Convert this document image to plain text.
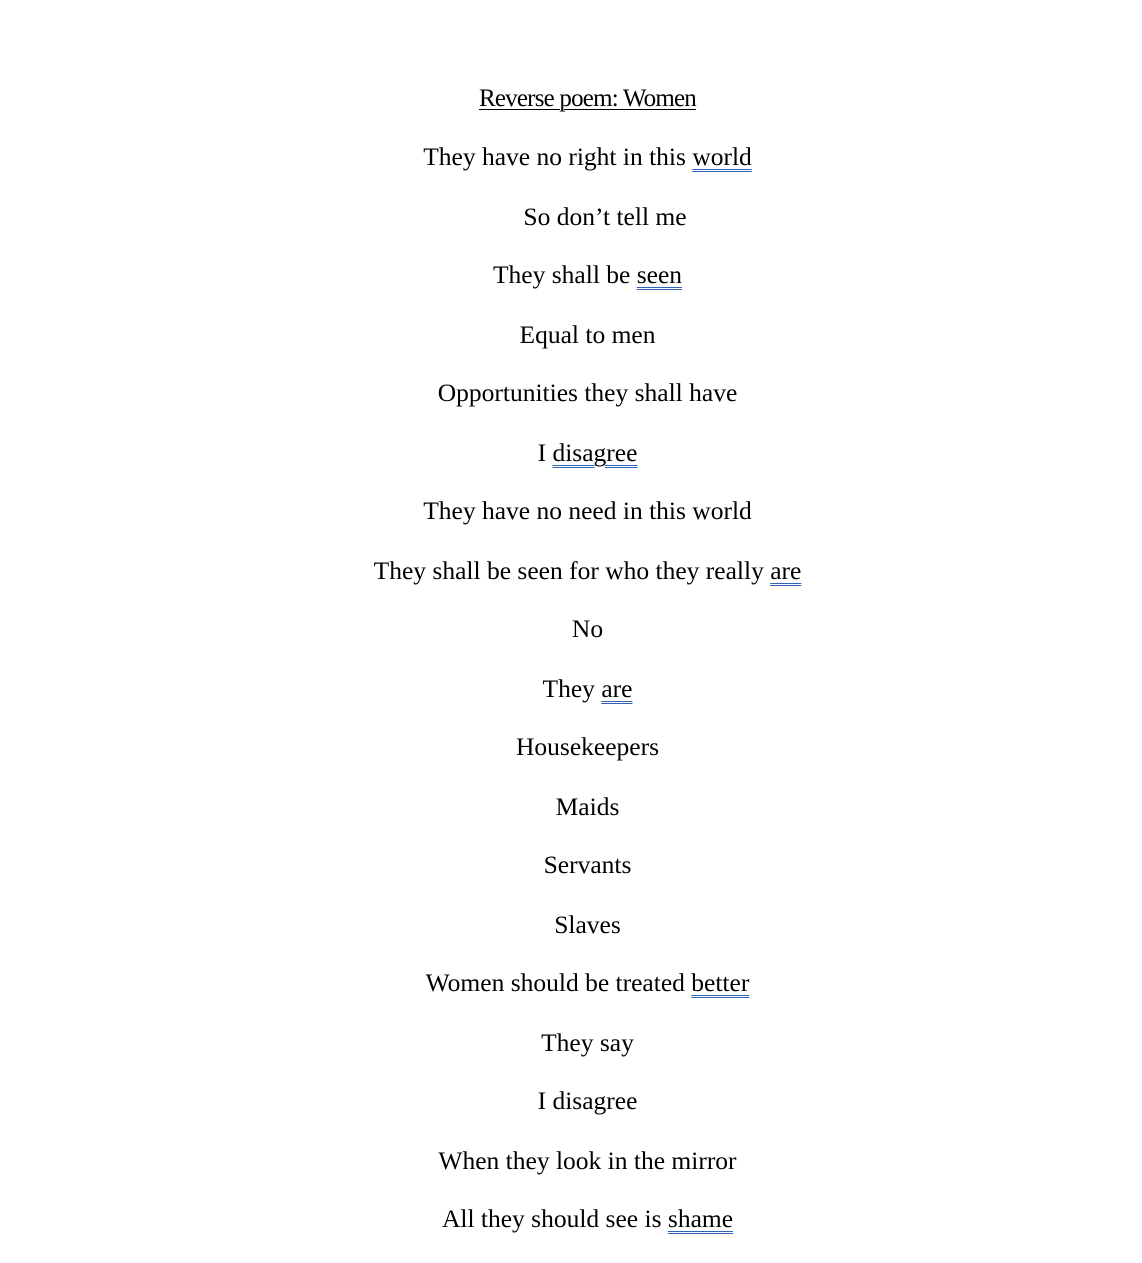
Reverse poem: Women
They have no right in this world
So don’t tell me
They shall be seen
Equal to men
Opportunities they shall have
I disagree
They have no need in this world
They shall be seen for who they really are
No
They are
Housekeepers
Maids
Servants
Slaves
Women should be treated better
They say
I disagree
When they look in the mirror
All they should see is shame
